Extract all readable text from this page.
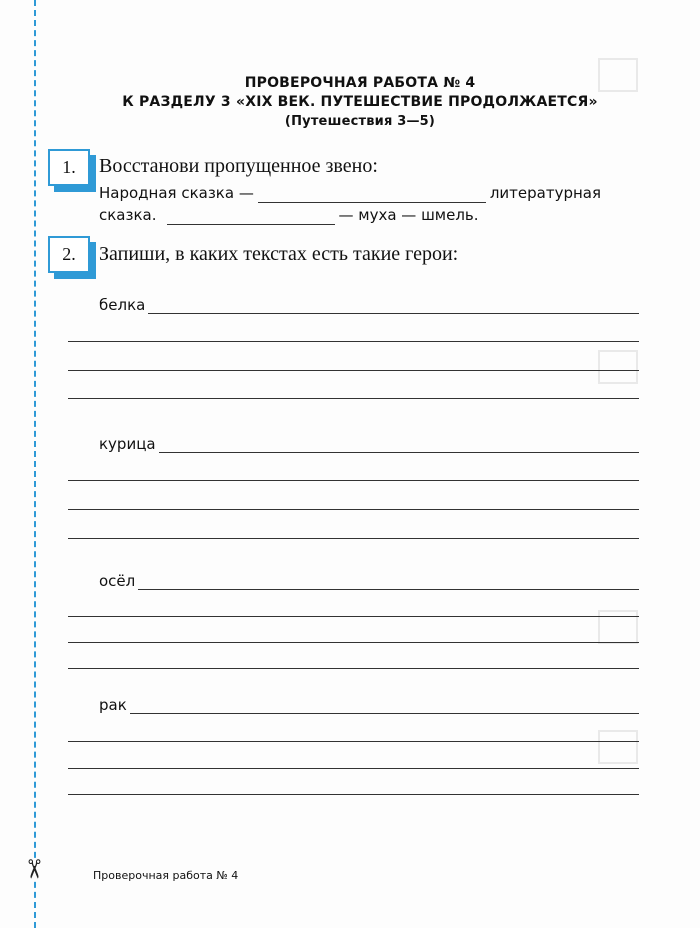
✂
ПРОВЕРОЧНАЯ РАБОТА № 4
К РАЗДЕЛУ 3 «XIX ВЕК. ПУТЕШЕСТВИЕ ПРОДОЛЖАЕТСЯ»
(Путешествия 3—5)
1.	Восстанови пропущенное звено:
Народная сказка —	литературная
сказка.	— муха — шмель.
2.	Запиши, в каких текстах есть такие герои:
белка
курица
осёл
рак
Проверочная работа № 4
